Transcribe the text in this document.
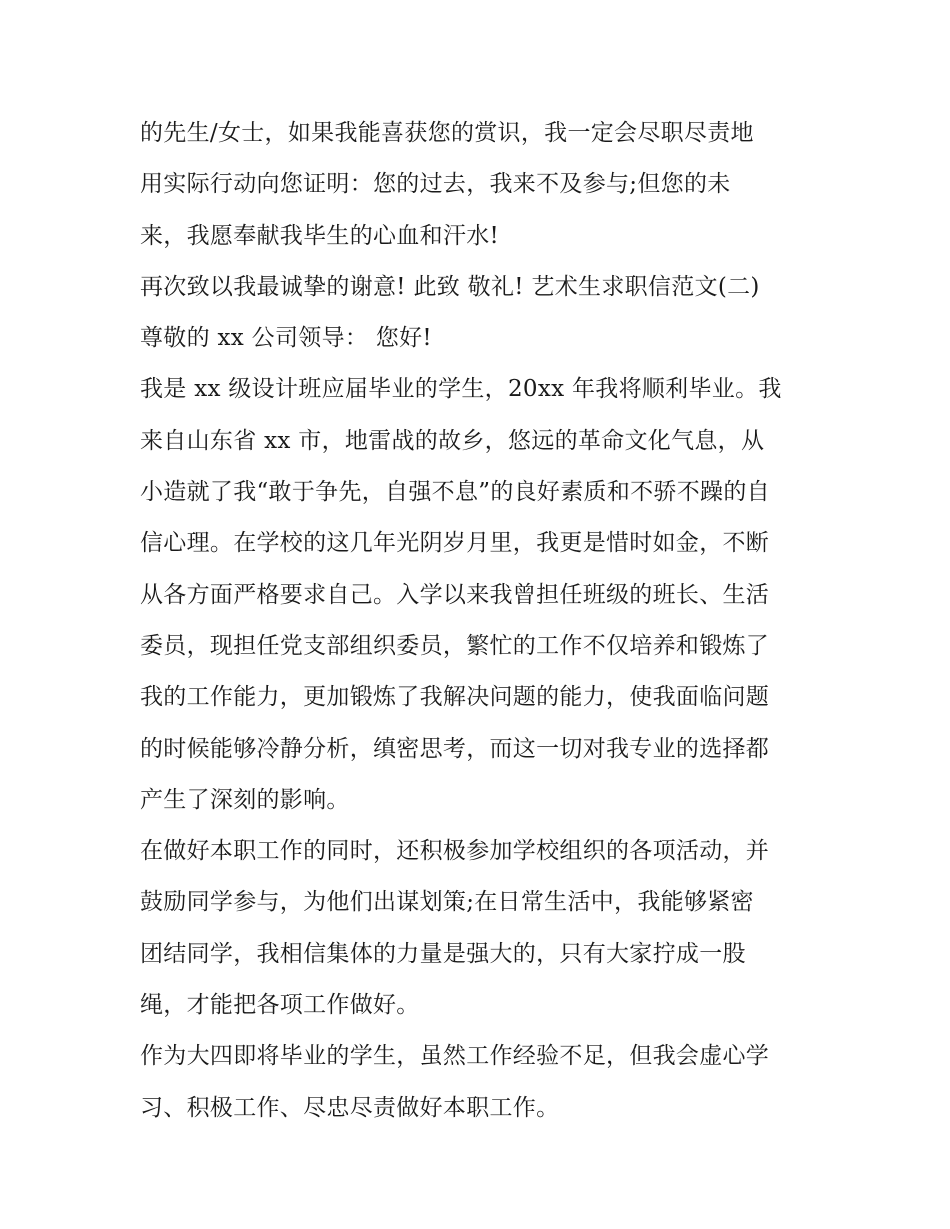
的先生/女士，如果我能喜获您的赏识，我一定会尽职尽责地

用实际行动向您证明：您的过去，我来不及参与;但您的未

来，我愿奉献我毕生的心血和汗水!

再次致以我最诚挚的谢意! 此致 敬礼! 艺术生求职信范文(二)

尊敬的 xx 公司领导： 您好!

我是 xx 级设计班应届毕业的学生，20xx 年我将顺利毕业。我

来自山东省 xx 市，地雷战的故乡，悠远的革命文化气息，从

小造就了我“敢于争先，自强不息”的良好素质和不骄不躁的自

信心理。在学校的这几年光阴岁月里，我更是惜时如金，不断

从各方面严格要求自己。入学以来我曾担任班级的班长、生活

委员，现担任党支部组织委员，繁忙的工作不仅培养和锻炼了

我的工作能力，更加锻炼了我解决问题的能力，使我面临问题

的时候能够冷静分析，缜密思考，而这一切对我专业的选择都

产生了深刻的影响。

在做好本职工作的同时，还积极参加学校组织的各项活动，并

鼓励同学参与，为他们出谋划策;在日常生活中，我能够紧密

团结同学，我相信集体的力量是强大的，只有大家拧成一股

绳，才能把各项工作做好。

作为大四即将毕业的学生，虽然工作经验不足，但我会虚心学

习、积极工作、尽忠尽责做好本职工作。
